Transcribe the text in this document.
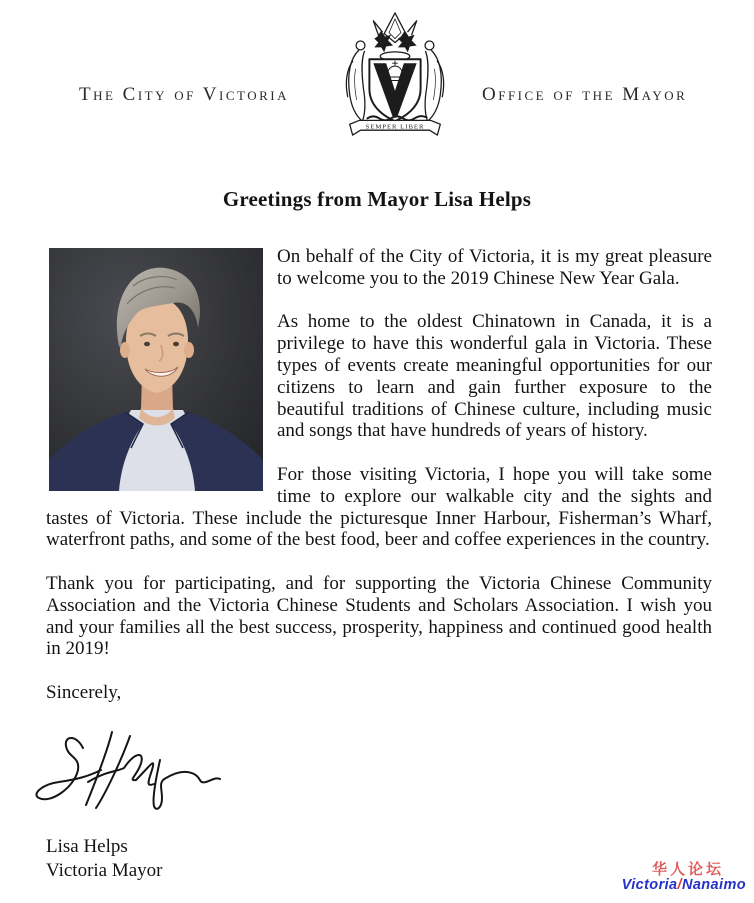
The City of Victoria	Office of the Mayor
SEMPER LIBER
Greetings from Mayor Lisa Helps

On behalf of the City of Victoria, it is my great pleasure to welcome you to the 2019 Chinese New Year Gala.

As home to the oldest Chinatown in Canada, it is a privilege to have this wonderful gala in Victoria. These types of events create meaningful opportunities for our citizens to learn and gain further exposure to the beautiful traditions of Chinese culture, including music and songs that have hundreds of years of history.

For those visiting Victoria, I hope you will take some time to explore our walkable city and the sights and tastes of Victoria. These include the picturesque Inner Harbour, Fisherman’s Wharf, waterfront paths, and some of the best food, beer and coffee experiences in the country.

Thank you for participating, and for supporting the Victoria Chinese Community Association and the Victoria Chinese Students and Scholars Association. I wish you and your families all the best success, prosperity, happiness and continued good health in 2019!

Sincerely,

Lisa Helps
Victoria Mayor	华人论坛
Victoria/Nanaimo
